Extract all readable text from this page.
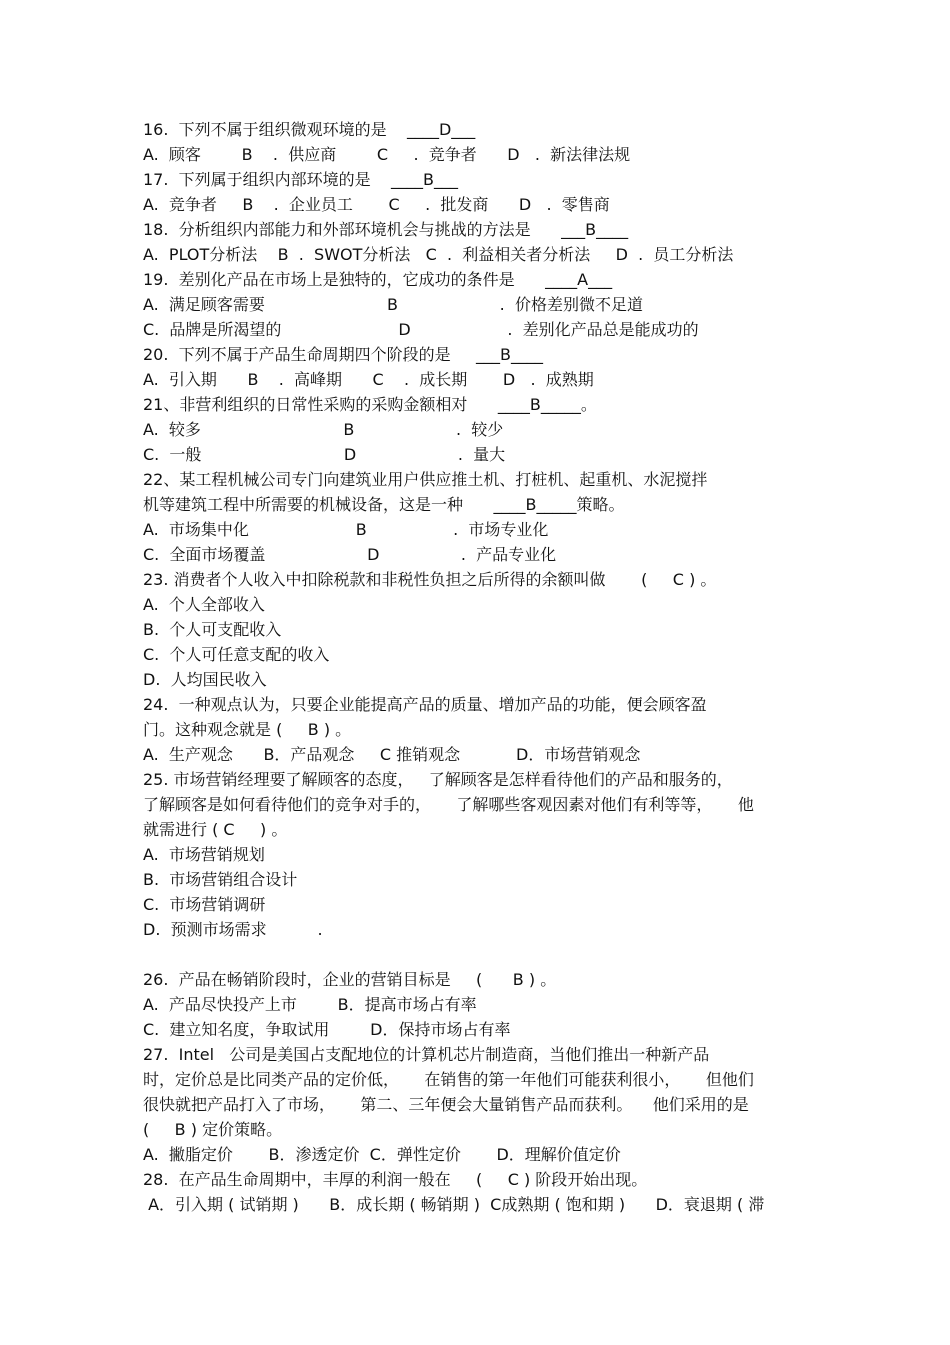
16.  下列不属于组织微观环境的是    ____D___
A.  顾客        B    .  供应商        C     .  竞争者      D   .  新法律法规
17.  下列属于组织内部环境的是    ____B___
A.  竞争者     B    .  企业员工       C     .  批发商      D   .  零售商
18.  分析组织内部能力和外部环境机会与挑战的方法是      ___B____
A.  PLOT分析法    B  .  SWOT分析法   C  .  利益相关者分析法     D  .  员工分析法
19.  差别化产品在市场上是独特的，它成功的条件是      ____A___
A.  满足顾客需要                        B                    .  价格差别微不足道
C.  品牌是所渴望的                       D                   .  差别化产品总是能成功的
20.  下列不属于产品生命周期四个阶段的是     ___B____
A.  引入期      B    .  高峰期      C    .  成长期       D   .  成熟期
21、非营利组织的日常性采购的采购金额相对      ____B_____。
A.  较多                            B                    .  较少
C.  一般                            D                    .  量大
22、某工程机械公司专门向建筑业用户供应推土机、打桩机、起重机、水泥搅拌
机等建筑工程中所需要的机械设备，这是一种      ____B_____策略。
A.  市场集中化                     B                 .  市场专业化
C.  全面市场覆盖                    D                .  产品专业化
23. 消费者个人收入中扣除税款和非税性负担之后所得的余额叫做       (     C ) 。
A.  个人全部收入
B.  个人可支配收入
C.  个人可任意支配的收入
D.  人均国民收入
24.  一种观点认为，只要企业能提高产品的质量、增加产品的功能，便会顾客盈
门。这种观念就是 (     B ) 。
A.  生产观念      B．产品观念     C 推销观念           D．市场营销观念
25. 市场营销经理要了解顾客的态度，   了解顾客是怎样看待他们的产品和服务的，
了解顾客是如何看待他们的竞争对手的，     了解哪些客观因素对他们有利等等，     他
就需进行 ( C     ) 。
A.  市场营销规划
B.  市场营销组合设计
C.  市场营销调研
D.  预测市场需求          .
26.  产品在畅销阶段时，企业的营销目标是     (      B ) 。
A.  产品尽快投产上市        B．提高市场占有率
C.  建立知名度，争取试用        D．保持市场占有率
27.  Intel   公司是美国占支配地位的计算机芯片制造商，当他们推出一种新产品
时，定价总是比同类产品的定价低，     在销售的第一年他们可能获利很小，     但他们
很快就把产品打入了市场，     第二、三年便会大量销售产品而获利。    他们采用的是
(     B ) 定价策略。
A.  撇脂定价       B．渗透定价  C．弹性定价       D．理解价值定价
28.  在产品生命周期中，丰厚的利润一般在     (     C ) 阶段开始出现。
A．引入期 ( 试销期 )      B．成长期 ( 畅销期 )  C成熟期 ( 饱和期 )      D．衰退期 ( 滞
